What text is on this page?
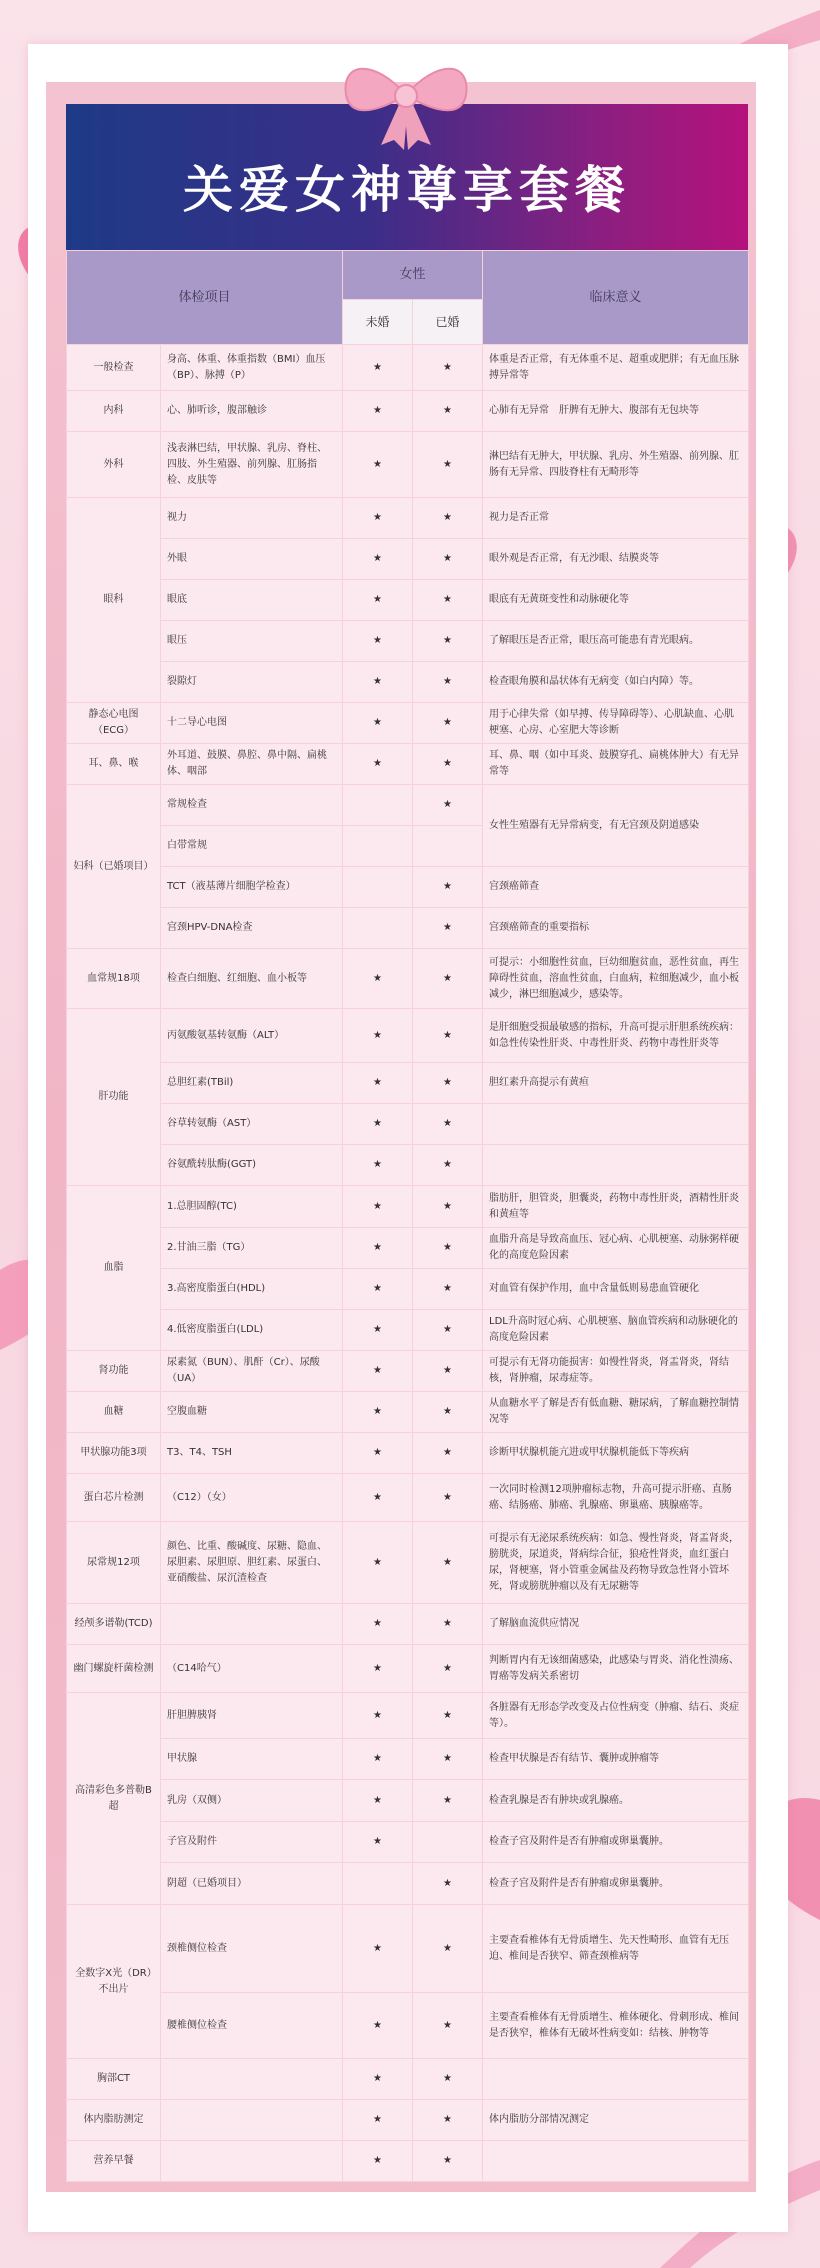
关爱女神尊享套餐
体检项目		女性		临床意义
		未婚	已婚	
一般检查	身高、体重、体重指数（BMI）血压（BP）、脉搏（P）	★	★	体重是否正常，有无体重不足、超重或肥胖；有无血压脉搏异常等
内科	心、肺听诊，腹部触诊	★	★	心肺有无异常　肝脾有无肿大、腹部有无包块等
外科	浅表淋巴结，甲状腺、乳房、脊柱、四肢、外生殖器、前列腺、肛肠指检、皮肤等	★	★	淋巴结有无肿大，甲状腺、乳房、外生殖器、前列腺、肛肠有无异常、四肢脊柱有无畸形等
眼科	视力	★	★	视力是否正常
	外眼	★	★	眼外观是否正常，有无沙眼、结膜炎等
	眼底	★	★	眼底有无黄斑变性和动脉硬化等
	眼压	★	★	了解眼压是否正常，眼压高可能患有青光眼病。
	裂隙灯	★	★	检查眼角膜和晶状体有无病变（如白内障）等。
静态心电图（ECG）	十二导心电图	★	★	用于心律失常（如早搏、传导障碍等）、心肌缺血、心肌梗塞、心房、心室肥大等诊断
耳、鼻、喉	外耳道、鼓膜、鼻腔、鼻中隔、扁桃体、咽部	★	★	耳、鼻、咽（如中耳炎、鼓膜穿孔、扁桃体肿大）有无异常等
妇科（已婚项目）	常规检查		★	女性生殖器有无异常病变，有无宫颈及阴道感染
	白带常规			
	TCT（液基薄片细胞学检查）		★	宫颈癌筛查
	宫颈HPV-DNA检查		★	宫颈癌筛查的重要指标
血常规18项	检查白细胞、红细胞、血小板等	★	★	可提示：小细胞性贫血，巨幼细胞贫血，恶性贫血，再生障碍性贫血，溶血性贫血，白血病，粒细胞减少，血小板减少，淋巴细胞减少，感染等。
肝功能	丙氨酸氨基转氨酶（ALT）	★	★	是肝细胞受损最敏感的指标，升高可提示肝胆系统疾病：如急性传染性肝炎、中毒性肝炎、药物中毒性肝炎等
	总胆红素(TBil)	★	★	胆红素升高提示有黄疸
	谷草转氨酶（AST）	★	★	
	谷氨酰转肽酶(GGT)	★	★	
血脂	1.总胆固醇(TC)	★	★	脂肪肝，胆管炎，胆囊炎，药物中毒性肝炎，酒精性肝炎和黄疸等
	2.甘油三脂（TG）	★	★	血脂升高是导致高血压、冠心病、心肌梗塞、动脉粥样硬化的高度危险因素
	3.高密度脂蛋白(HDL)	★	★	对血管有保护作用，血中含量低则易患血管硬化
	4.低密度脂蛋白(LDL)	★	★	LDL升高时冠心病、心肌梗塞、脑血管疾病和动脉硬化的高度危险因素
肾功能	尿素氮（BUN）、肌酐（Cr）、尿酸（UA）	★	★	可提示有无肾功能损害：如慢性肾炎，肾盂肾炎，肾结核，肾肿瘤，尿毒症等。
血糖	空腹血糖	★	★	从血糖水平了解是否有低血糖、糖尿病，了解血糖控制情况等
甲状腺功能3项	T3、T4、TSH	★	★	诊断甲状腺机能亢进或甲状腺机能低下等疾病
蛋白芯片检测	（C12）（女）	★	★	一次同时检测12项肿瘤标志物，升高可提示肝癌、直肠癌、结肠癌、肺癌、乳腺癌、卵巢癌、胰腺癌等。
尿常规12项	颜色、比重、酸碱度、尿糖、隐血、尿胆素、尿胆原、胆红素、尿蛋白、亚硝酸盐、尿沉渣检查	★	★	可提示有无泌尿系统疾病：如急、慢性肾炎，肾盂肾炎，膀胱炎，尿道炎，肾病综合征，狼疮性肾炎，血红蛋白尿，肾梗塞，肾小管重金属盐及药物导致急性肾小管坏死，肾或膀胱肿瘤以及有无尿糖等
经颅多谱勒(TCD)		★	★	了解脑血流供应情况
幽门螺旋杆菌检测	（C14哈气）	★	★	判断胃内有无该细菌感染，此感染与胃炎、消化性溃疡、胃癌等发病关系密切
高清彩色多普勒B超	肝胆脾胰肾	★	★	各脏器有无形态学改变及占位性病变（肿瘤、结石、炎症等）。
	甲状腺	★	★	检查甲状腺是否有结节、囊肿或肿瘤等
	乳房（双侧）	★	★	检查乳腺是否有肿块或乳腺癌。
	子宫及附件	★		检查子宫及附件是否有肿瘤或卵巢囊肿。
	阴超（已婚项目）		★	检查子宫及附件是否有肿瘤或卵巢囊肿。
全数字X光（DR）不出片	颈椎侧位检查	★	★	主要查看椎体有无骨质增生、先天性畸形、血管有无压迫、椎间是否狭窄、筛查颈椎病等
	腰椎侧位检查	★	★	主要查看椎体有无骨质增生、椎体硬化、骨刺形成、椎间是否狭窄，椎体有无破坏性病变如：结核、肿物等
胸部CT		★	★	
体内脂肪测定		★	★	体内脂肪分部情况测定
营养早餐		★	★	
